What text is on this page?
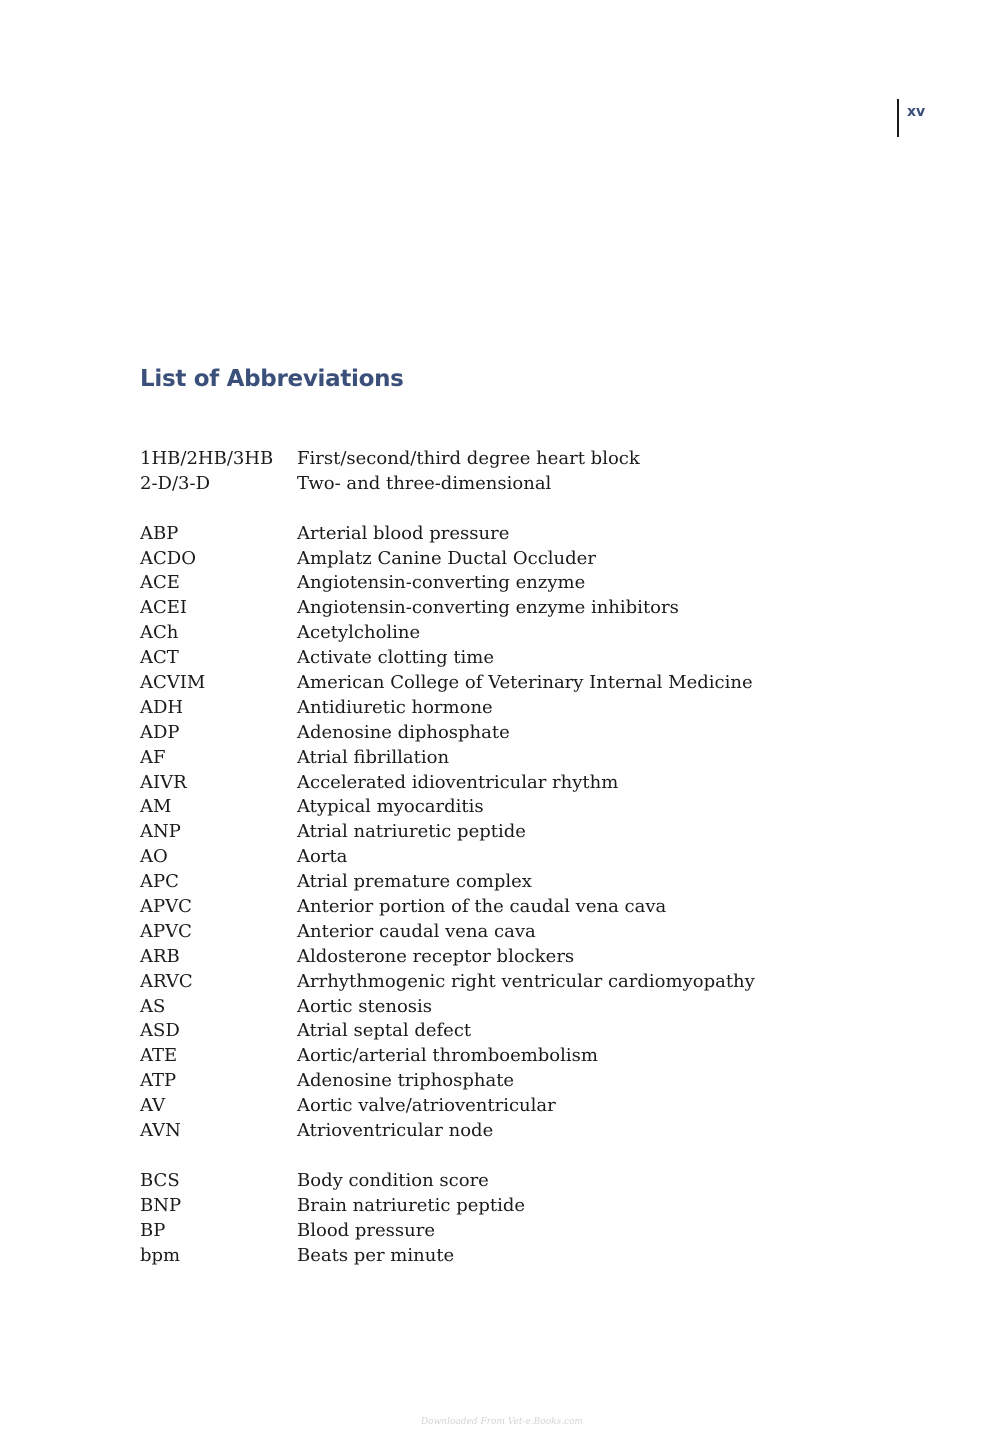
xv
List of Abbreviations
1HB/2HB/3HB First/second/third degree heart block
2-D/3-D	Two- and three-dimensional
ABP	Arterial blood pressure
ACDO	Amplatz Canine Ductal Occluder
ACE	Angiotensin-converting enzyme
ACEI	Angiotensin-converting enzyme inhibitors
ACh	Acetylcholine
ACT	Activate clotting time
ACVIM	American College of Veterinary Internal Medicine
ADH	Antidiuretic hormone
ADP	Adenosine diphosphate
AF	Atrial fibrillation
AIVR	Accelerated idioventricular rhythm
AM	Atypical myocarditis
ANP	Atrial natriuretic peptide
AO	Aorta
APC	Atrial premature complex
APVC	Anterior portion of the caudal vena cava
APVC	Anterior caudal vena cava
ARB	Aldosterone receptor blockers
ARVC	Arrhythmogenic right ventricular cardiomyopathy
AS	Aortic stenosis
ASD	Atrial septal defect
ATE	Aortic/arterial thromboembolism
ATP	Adenosine triphosphate
AV	Aortic valve/atrioventricular
AVN	Atrioventricular node
BCS	Body condition score
BNP	Brain natriuretic peptide
BP	Blood pressure
bpm	Beats per minute
Downloaded From Vet-e.Books.com
